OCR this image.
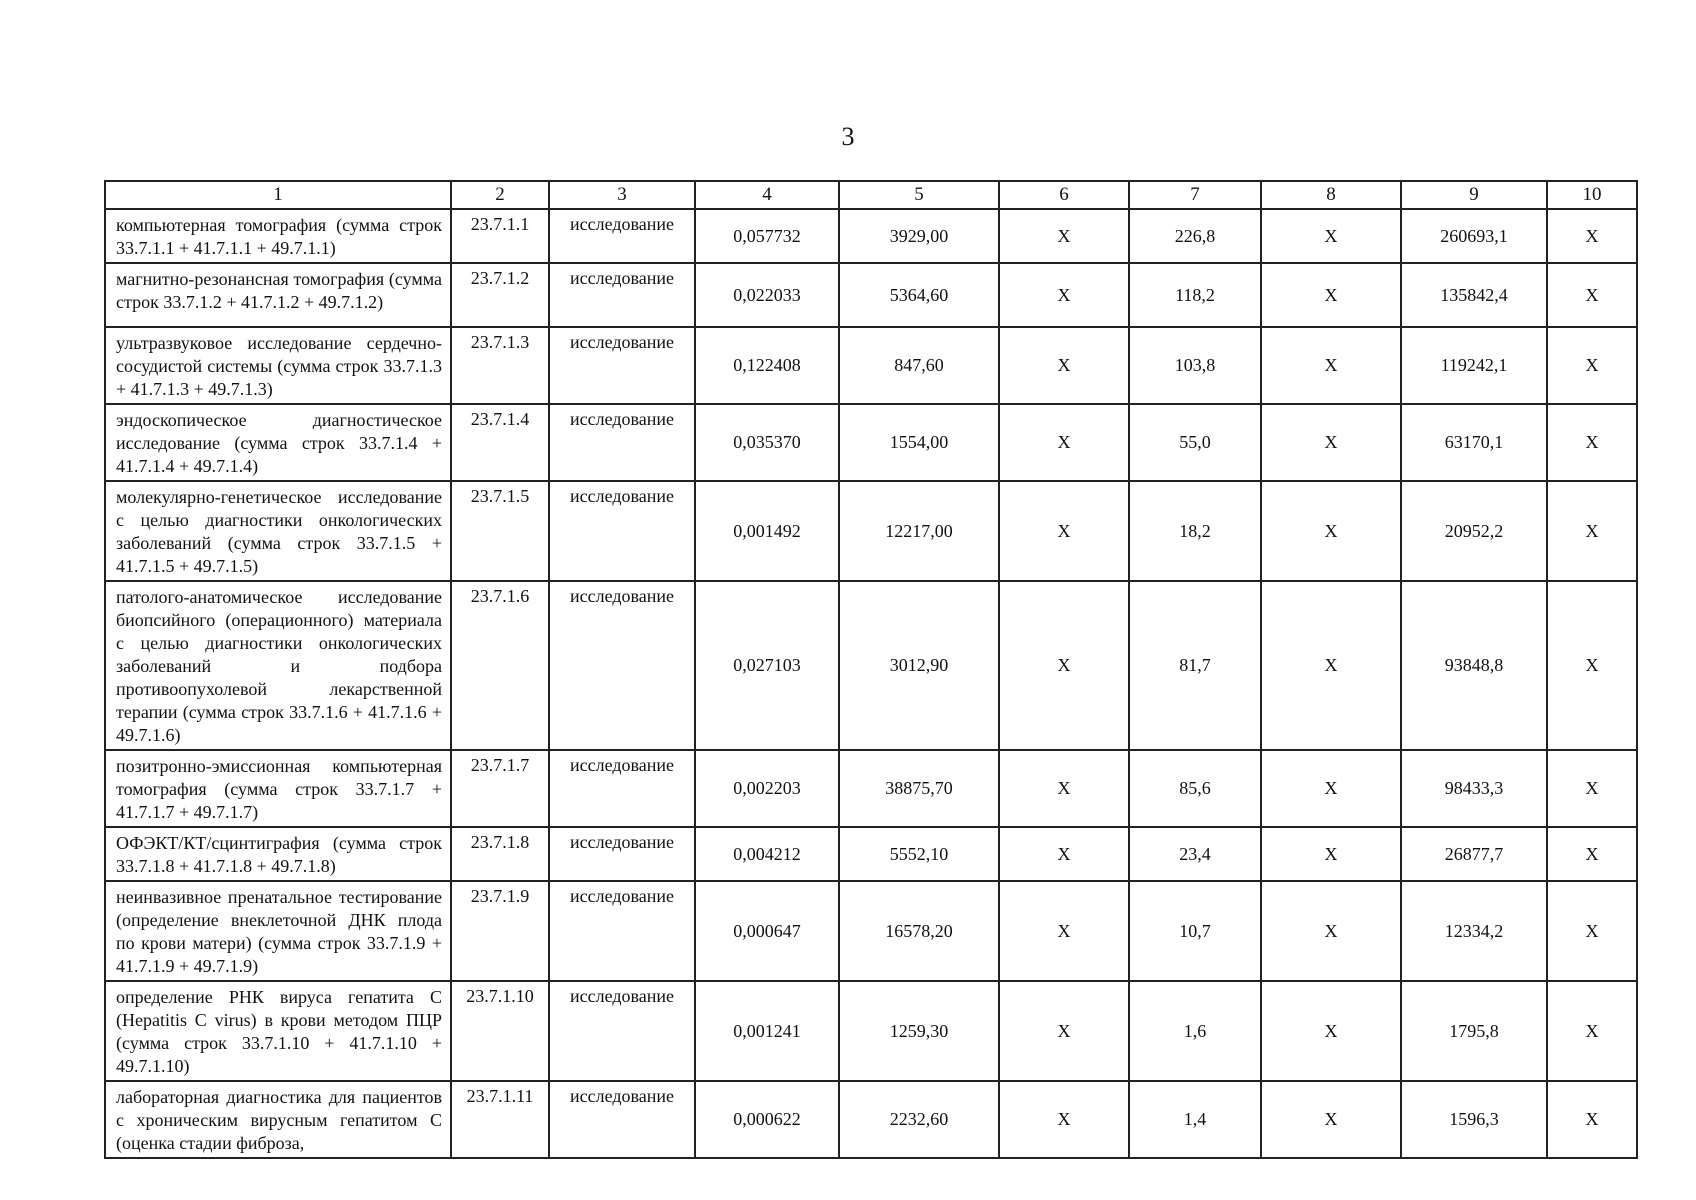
3
1	2	3	4	5	6	7	8	9	10

компьютерная томография (сумма строк 33.7.1.1 + 41.7.1.1 + 49.7.1.1)	23.7.1.1	исследование	0,057732	3929,00	Х	226,8	Х	260693,1	Х

магнитно-резонансная томография (сумма строк 33.7.1.2 + 41.7.1.2 + 49.7.1.2)	23.7.1.2	исследование	0,022033	5364,60	Х	118,2	Х	135842,4	Х

ультразвуковое исследование сердечно-сосудистой системы (сумма строк 33.7.1.3 + 41.7.1.3 + 49.7.1.3)	23.7.1.3	исследование	0,122408	847,60	Х	103,8	Х	119242,1	Х

эндоскопическое диагностическое исследование (сумма строк 33.7.1.4 + 41.7.1.4 + 49.7.1.4)	23.7.1.4	исследование	0,035370	1554,00	Х	55,0	Х	63170,1	Х

молекулярно-генетическое исследование с целью диагностики онкологических заболеваний (сумма строк 33.7.1.5 + 41.7.1.5 + 49.7.1.5)	23.7.1.5	исследование	0,001492	12217,00	Х	18,2	Х	20952,2	Х

патолого-анатомическое исследование биопсийного (операционного) материала с целью диагностики онкологических заболеваний и подбора противоопухолевой лекарственной терапии (сумма строк 33.7.1.6 + 41.7.1.6 + 49.7.1.6)	23.7.1.6	исследование	0,027103	3012,90	Х	81,7	Х	93848,8	Х

позитронно-эмиссионная компьютерная томография (сумма строк 33.7.1.7 + 41.7.1.7 + 49.7.1.7)	23.7.1.7	исследование	0,002203	38875,70	Х	85,6	Х	98433,3	Х

ОФЭКТ/КТ/сцинтиграфия (сумма строк 33.7.1.8 + 41.7.1.8 + 49.7.1.8)	23.7.1.8	исследование	0,004212	5552,10	Х	23,4	Х	26877,7	Х

неинвазивное пренатальное тестирование (определение внеклеточной ДНК плода по крови матери) (сумма строк 33.7.1.9 + 41.7.1.9 + 49.7.1.9)	23.7.1.9	исследование	0,000647	16578,20	Х	10,7	Х	12334,2	Х

определение РНК вируса гепатита С (Hepatitis C virus) в крови методом ПЦР (сумма строк 33.7.1.10 + 41.7.1.10 + 49.7.1.10)	23.7.1.10	исследование	0,001241	1259,30	Х	1,6	Х	1795,8	Х

лабораторная диагностика для пациентов с хроническим вирусным гепатитом С (оценка стадии фиброза,	23.7.1.11	исследование	0,000622	2232,60	Х	1,4	Х	1596,3	Х
